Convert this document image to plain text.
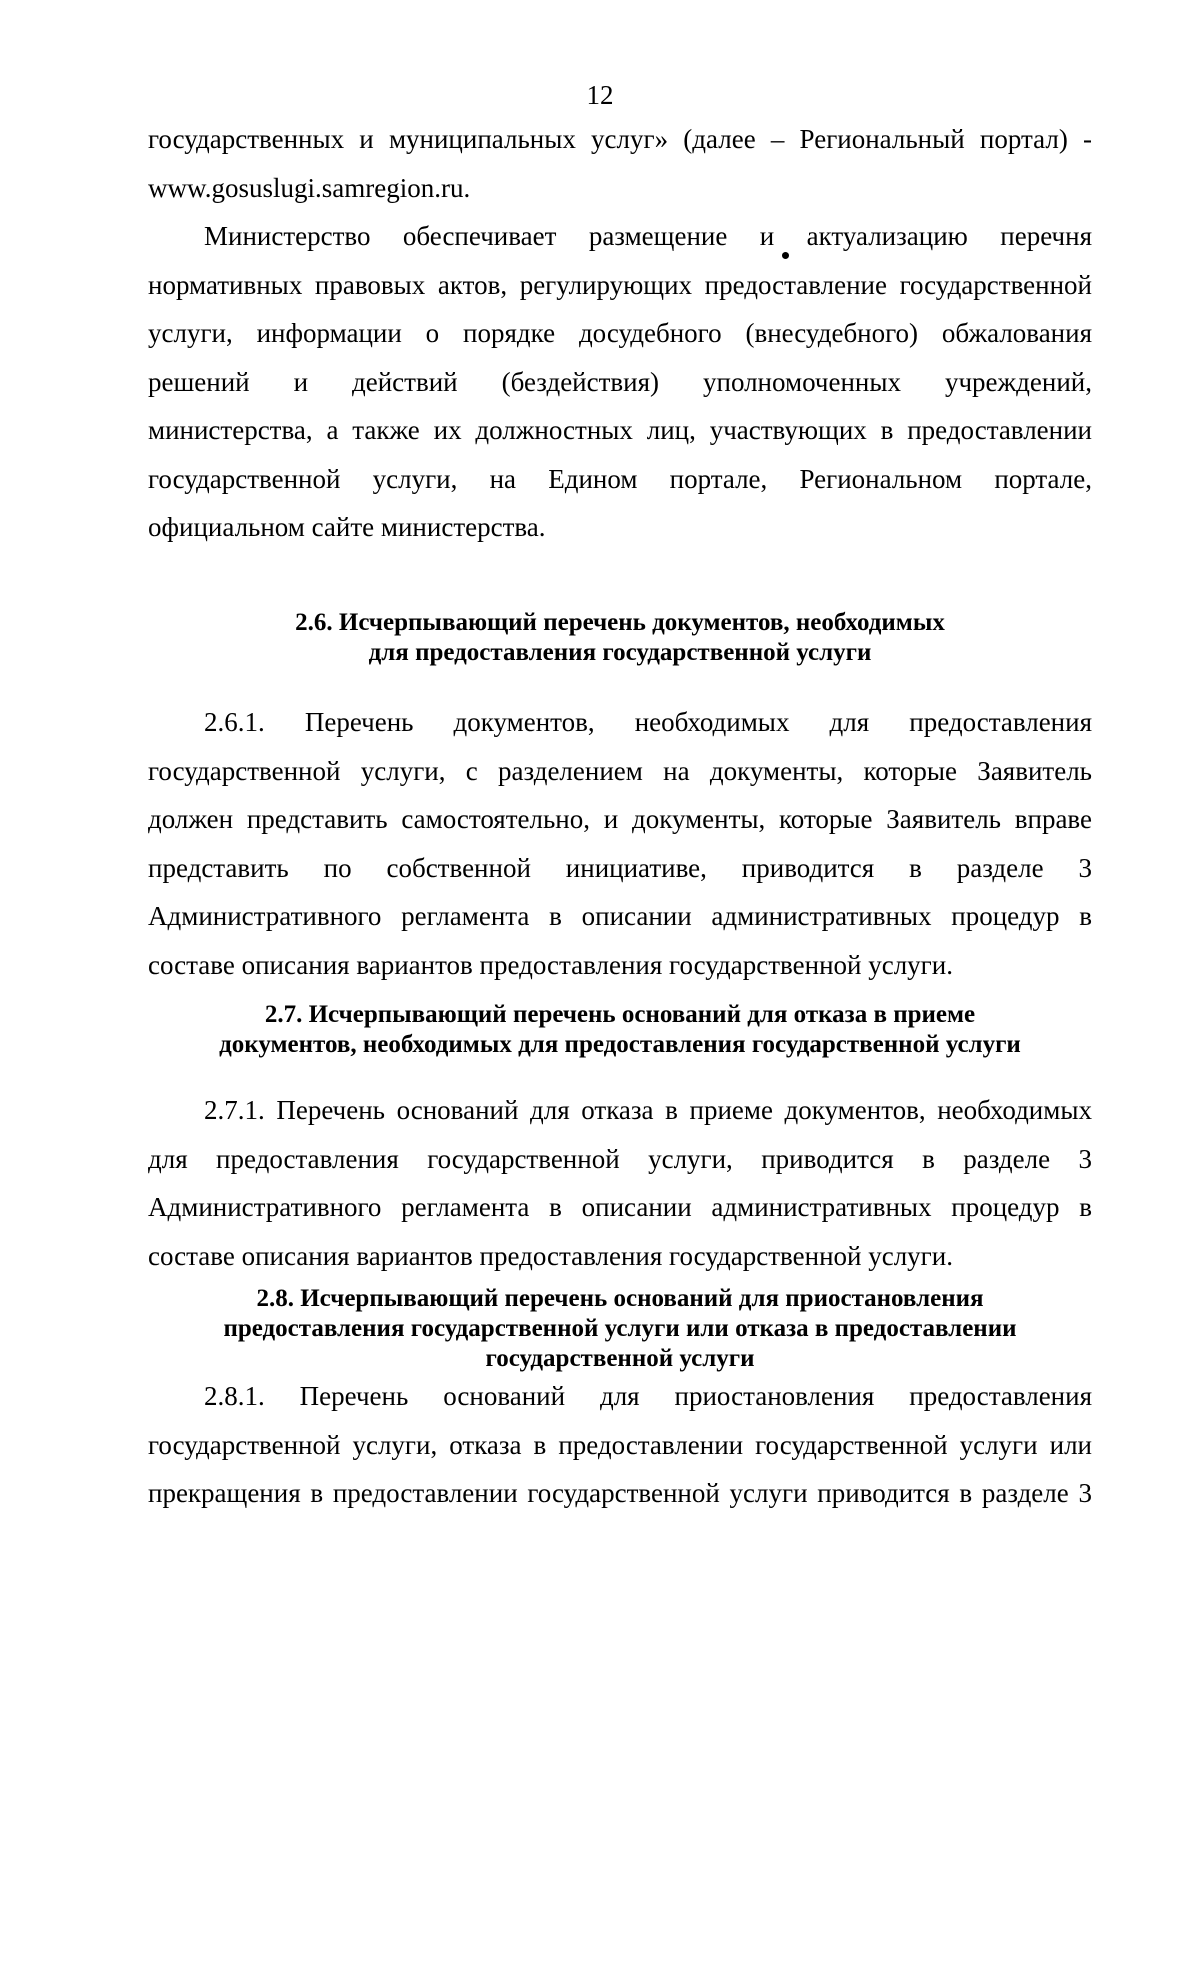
12
государственных и муниципальных услуг» (далее – Региональный портал) -
www.gosuslugi.samregion.ru.
Министерство обеспечивает размещение и актуализацию перечня
нормативных правовых актов, регулирующих предоставление государственной
услуги, информации о порядке досудебного (внесудебного) обжалования
решений и действий (бездействия) уполномоченных учреждений,
министерства, а также их должностных лиц, участвующих в предоставлении
государственной услуги, на Едином портале, Региональном портале,
официальном сайте министерства.
2.6. Исчерпывающий перечень документов, необходимых
для предоставления государственной услуги
2.6.1. Перечень документов, необходимых для предоставления
государственной услуги, с разделением на документы, которые Заявитель
должен представить самостоятельно, и документы, которые Заявитель вправе
представить по собственной инициативе, приводится в разделе 3
Административного регламента в описании административных процедур в
составе описания вариантов предоставления государственной услуги.
2.7. Исчерпывающий перечень оснований для отказа в приеме
документов, необходимых для предоставления государственной услуги
2.7.1. Перечень оснований для отказа в приеме документов, необходимых
для предоставления государственной услуги, приводится в разделе 3
Административного регламента в описании административных процедур в
составе описания вариантов предоставления государственной услуги.
2.8. Исчерпывающий перечень оснований для приостановления
предоставления государственной услуги или отказа в предоставлении
государственной услуги
2.8.1. Перечень оснований для приостановления предоставления
государственной услуги, отказа в предоставлении государственной услуги или
прекращения в предоставлении государственной услуги приводится в разделе 3
